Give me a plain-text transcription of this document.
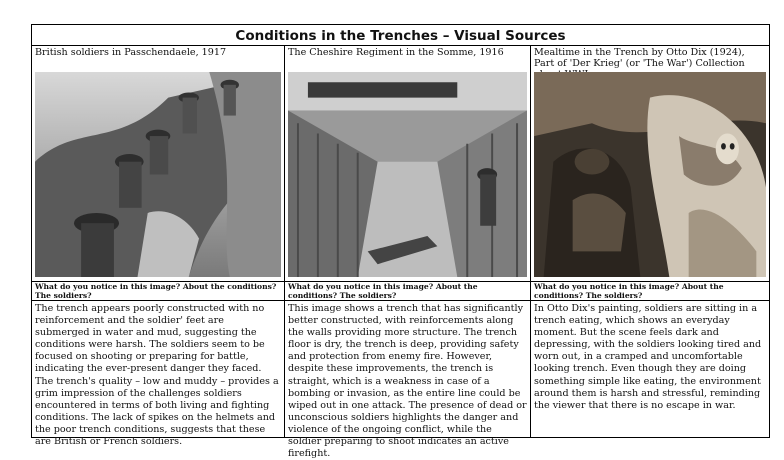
Conditions in the Trenches – Visual Sources
British soldiers in Passchendaele, 1917
What do you notice in this image? About the conditions? The soldiers?
The trench appears poorly constructed with no reinforcement and the soldier' feet are submerged in water and mud, suggesting the conditions were harsh. The soldiers seem to be focused on shooting or preparing for battle, indicating the ever-present danger they faced. The trench's quality – low and muddy – provides a grim impression of the challenges soldiers encountered in terms of both living and fighting conditions. The lack of spikes on the helmets and the poor trench conditions, suggests that these are British or French soldiers.
The Cheshire Regiment in the Somme, 1916
What do you notice in this image? About the conditions? The soldiers?
This image shows a trench that has significantly better constructed, with reinforcements along the walls providing more structure. The trench floor is dry, the trench is deep, providing safety and protection from enemy fire. However, despite these improvements, the trench is straight, which is a weakness in case of a bombing or invasion, as the entire line could be wiped out in one attack. The presence of dead or unconscious soldiers highlights the danger and violence of the ongoing conflict, while the soldier preparing to shoot indicates an active firefight.
Mealtime in the Trench by Otto Dix (1924), Part of 'Der Krieg' (or 'The War') Collection
What do you notice in this image? About the conditions? The soldiers?
In Otto Dix's painting, soldiers are sitting in a trench eating, which shows an everyday moment. But the scene feels dark and depressing, with the soldiers looking tired and worn out, in a cramped and uncomfortable looking trench. Even though they are doing something simple like eating, the environment around them is harsh and stressful, reminding the viewer that there is no escape in war.
